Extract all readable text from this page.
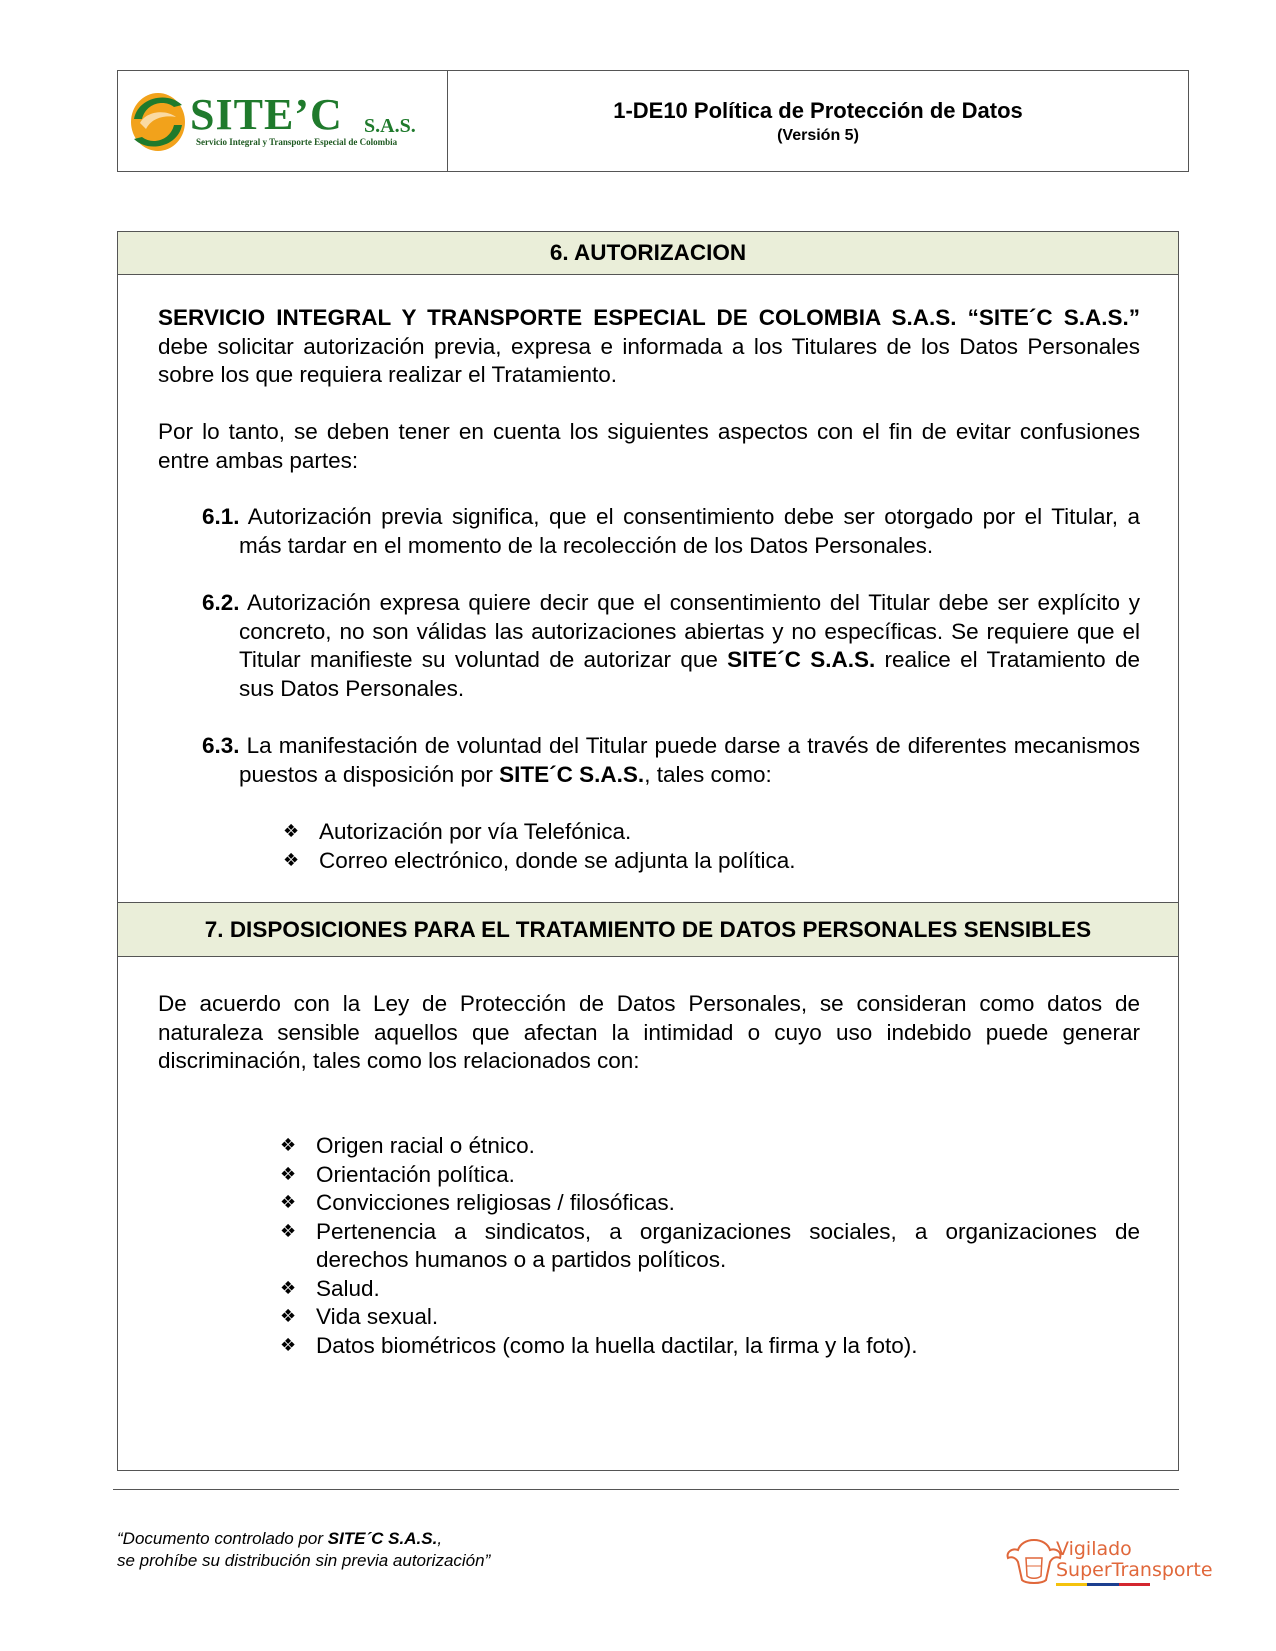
SITE’C S.A.S.
Servicio Integral y Transporte Especial de Colombia
1-DE10 Política de Protección de Datos
(Versión 5)
6. AUTORIZACION
SERVICIO INTEGRAL Y TRANSPORTE ESPECIAL DE COLOMBIA S.A.S. “SITE´C S.A.S.” debe solicitar autorización previa, expresa e informada a los Titulares de los Datos Personales sobre los que requiera realizar el Tratamiento.
Por lo tanto, se deben tener en cuenta los siguientes aspectos con el fin de evitar confusiones entre ambas partes:
6.1. Autorización previa significa, que el consentimiento debe ser otorgado por el Titular, a más tardar en el momento de la recolección de los Datos Personales.
6.2. Autorización expresa quiere decir que el consentimiento del Titular debe ser explícito y concreto, no son válidas las autorizaciones abiertas y no específicas. Se requiere que el Titular manifieste su voluntad de autorizar que SITE´C S.A.S. realice el Tratamiento de sus Datos Personales.
6.3. La manifestación de voluntad del Titular puede darse a través de diferentes mecanismos puestos a disposición por SITE´C S.A.S., tales como:
❖ Autorización por vía Telefónica.
❖ Correo electrónico, donde se adjunta la política.
7. DISPOSICIONES PARA EL TRATAMIENTO DE DATOS PERSONALES SENSIBLES
De acuerdo con la Ley de Protección de Datos Personales, se consideran como datos de naturaleza sensible aquellos que afectan la intimidad o cuyo uso indebido puede generar discriminación, tales como los relacionados con:
❖ Origen racial o étnico.
❖ Orientación política.
❖ Convicciones religiosas / filosóficas.
❖ Pertenencia a sindicatos, a organizaciones sociales, a organizaciones de derechos humanos o a partidos políticos.
❖ Salud.
❖ Vida sexual.
❖ Datos biométricos (como la huella dactilar, la firma y la foto).
“Documento controlado por SITE´C S.A.S.,
se prohíbe su distribución sin previa autorización”
Vigilado
SuperTransporte
